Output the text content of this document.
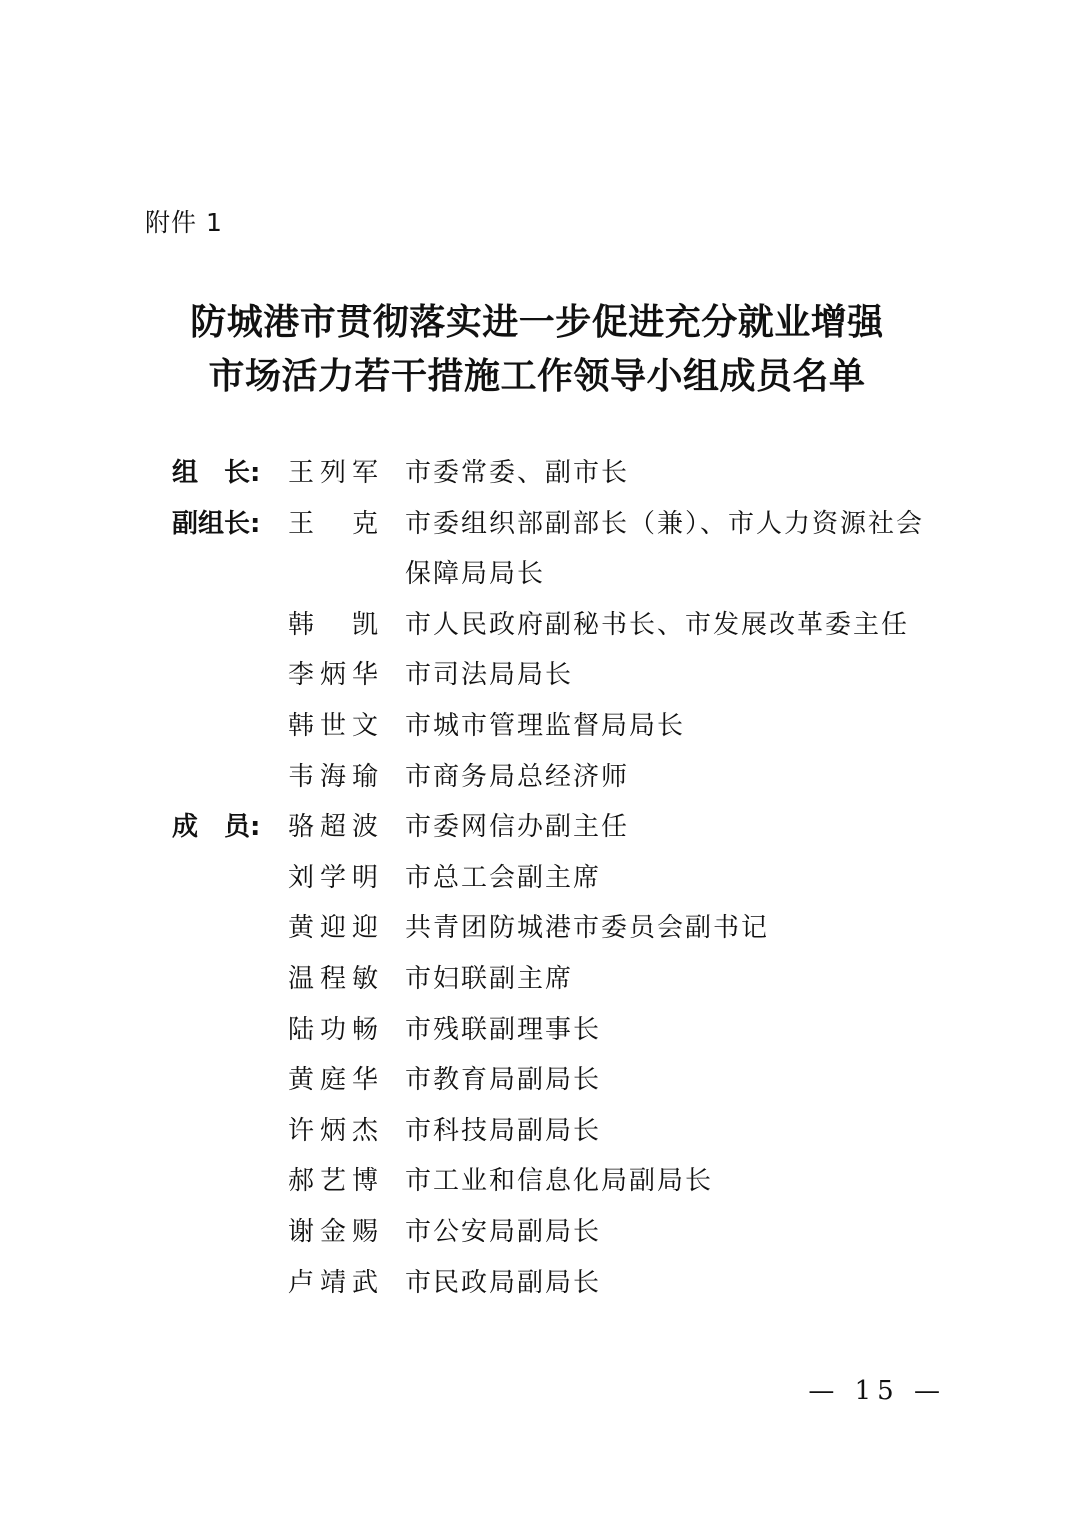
附件 1
防城港市贯彻落实进一步促进充分就业增强
市场活力若干措施工作领导小组成员名单
组　长:	王列军 市委常委、副市长
副组长:	王　克 市委组织部副部长（兼）、市人力资源社会
保障局局长
韩　凯 市人民政府副秘书长、市发展改革委主任
李炳华 市司法局局长
韩世文 市城市管理监督局局长
韦海瑜 市商务局总经济师
成　员:	骆超波 市委网信办副主任
刘学明 市总工会副主席
黄迎迎 共青团防城港市委员会副书记
温程敏 市妇联副主席
陆功畅 市残联副理事长
黄庭华 市教育局副局长
许炳杰 市科技局副局长
郝艺博 市工业和信息化局副局长
谢金赐 市公安局副局长
卢靖武 市民政局副局长
— 15 —
